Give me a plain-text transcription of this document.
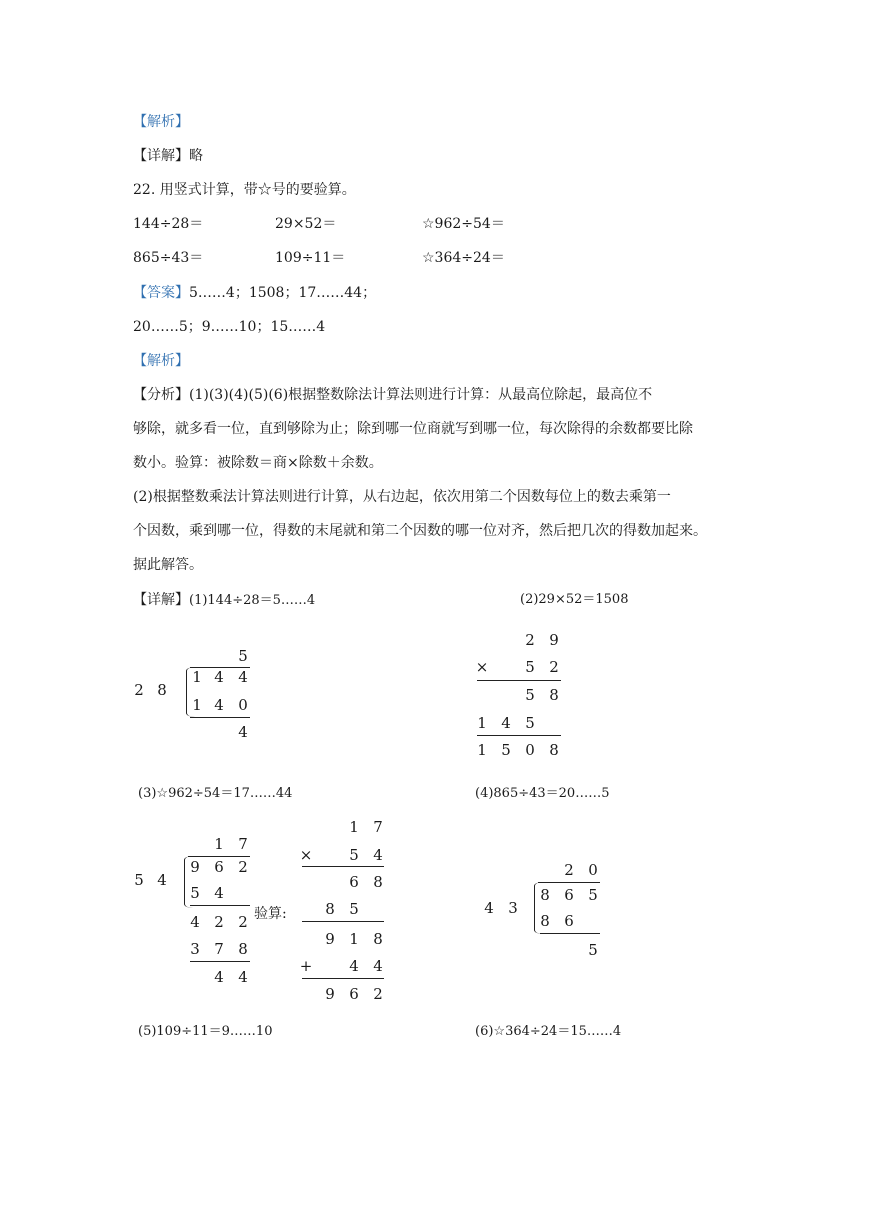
【解析】
【详解】略
22. 用竖式计算，带☆号的要验算。
144÷28＝	29×52＝	☆962÷54＝
865÷43＝	109÷11＝	☆364÷24＝
【答案】5……4；1508；17……44；
20……5；9……10；15……4
【解析】
【分析】(1)(3)(4)(5)(6)根据整数除法计算法则进行计算：从最高位除起，最高位不
够除，就多看一位，直到够除为止；除到哪一位商就写到哪一位，每次除得的余数都要比除
数小。验算：被除数＝商×除数＋余数。
(2)根据整数乘法计算法则进行计算，从右边起，依次用第二个因数每位上的数去乘第一
个因数，乘到哪一位，得数的末尾就和第二个因数的哪一位对齐，然后把几次的得数加起来。
据此解答。
【详解】(1)144÷28＝5……4	(2)29×52＝1508
5
2 8
1 4 4
1 4 0
4
2 9
× 5 2
5 8
1 4 5
1 5 0 8
(3)☆962÷54＝17……44	(4)865÷43＝20……5
1 7
5 4
9 6 2
5 4
4 2 2
3 7 8
4 4
验算:
1 7
× 5 4
6 8
8 5
9 1 8
+ 4 4
9 6 2
2 0
4 3
8 6 5
8 6
5
(5)109÷11＝9……10	(6)☆364÷24＝15……4
